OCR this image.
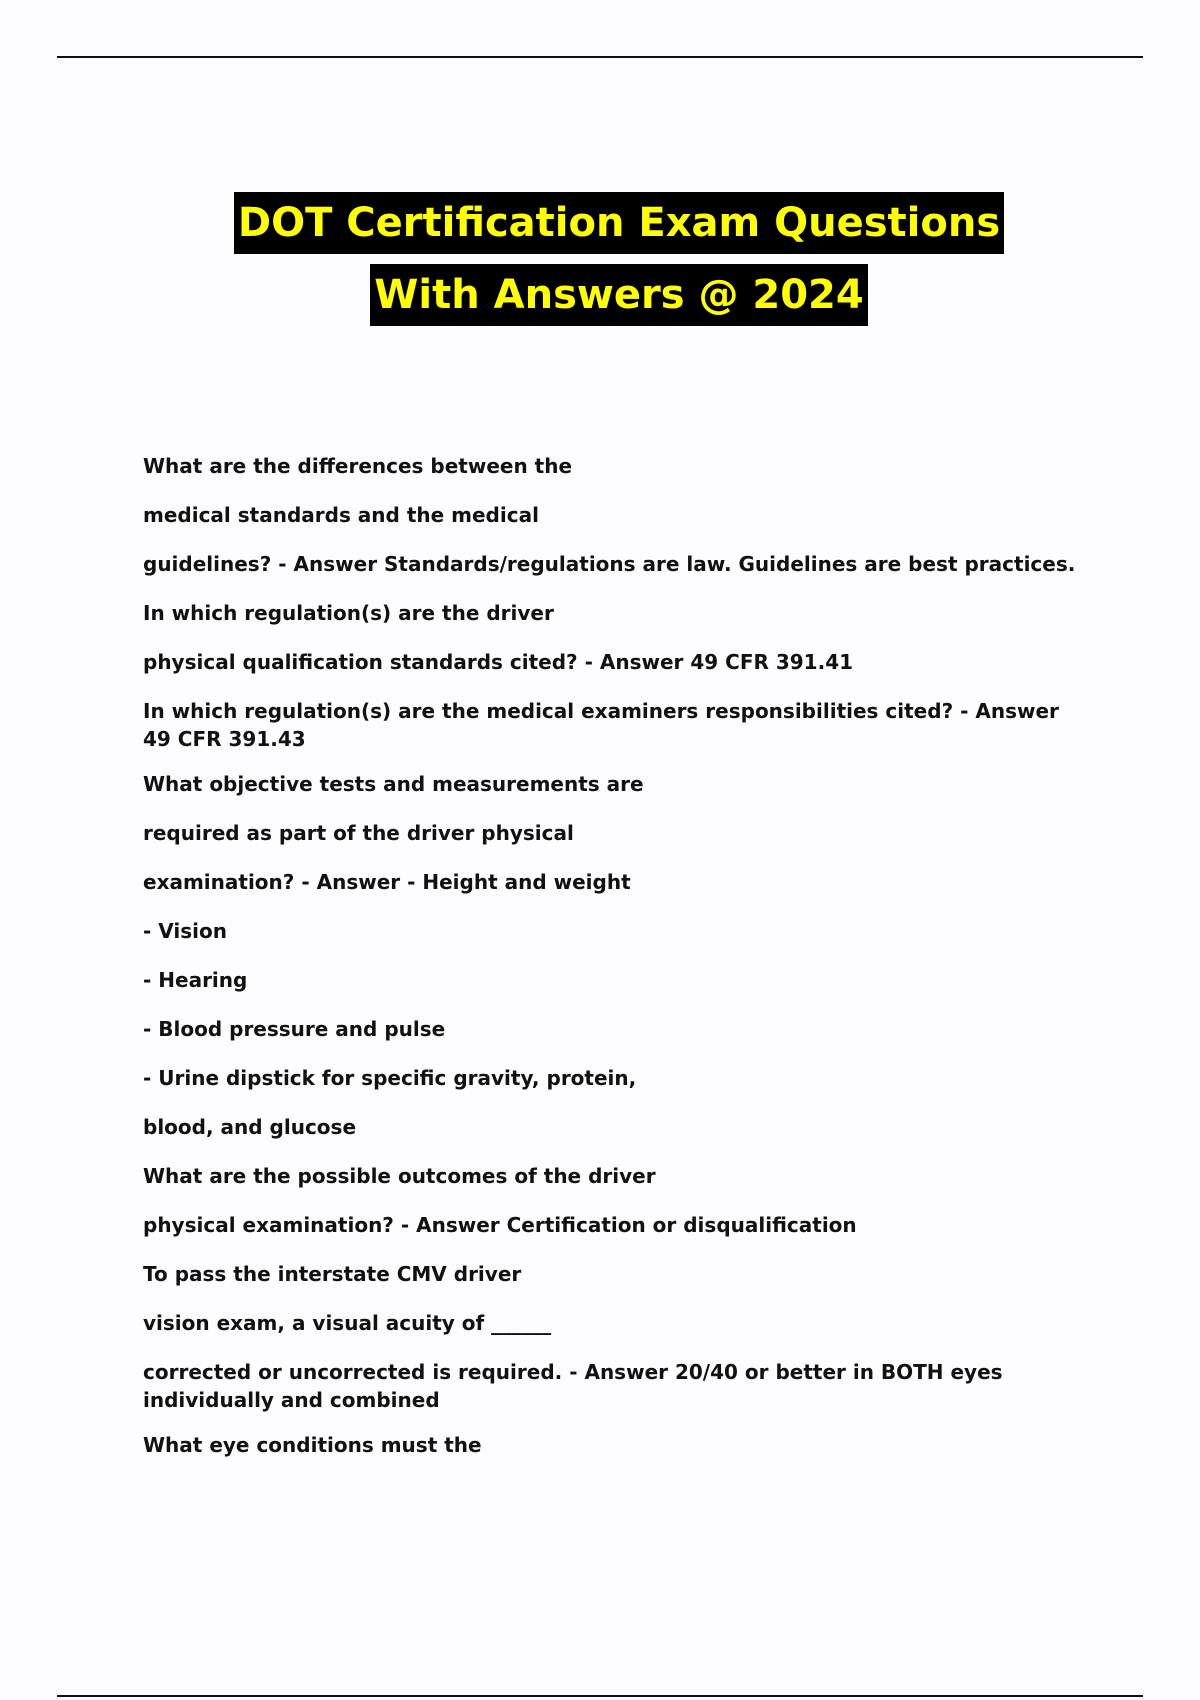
DOT Certification Exam Questions
With Answers @ 2024

What are the differences between the

medical standards and the medical

guidelines? - Answer Standards/regulations are law. Guidelines are best practices.

In which regulation(s) are the driver

physical qualification standards cited? - Answer 49 CFR 391.41

In which regulation(s) are the medical examiners responsibilities cited? - Answer 49 CFR 391.43

What objective tests and measurements are

required as part of the driver physical

examination? - Answer - Height and weight

- Vision

- Hearing

- Blood pressure and pulse

- Urine dipstick for specific gravity, protein,

blood, and glucose

What are the possible outcomes of the driver

physical examination? - Answer Certification or disqualification

To pass the interstate CMV driver

vision exam, a visual acuity of ______

corrected or uncorrected is required. - Answer 20/40 or better in BOTH eyes individually and combined

What eye conditions must the
